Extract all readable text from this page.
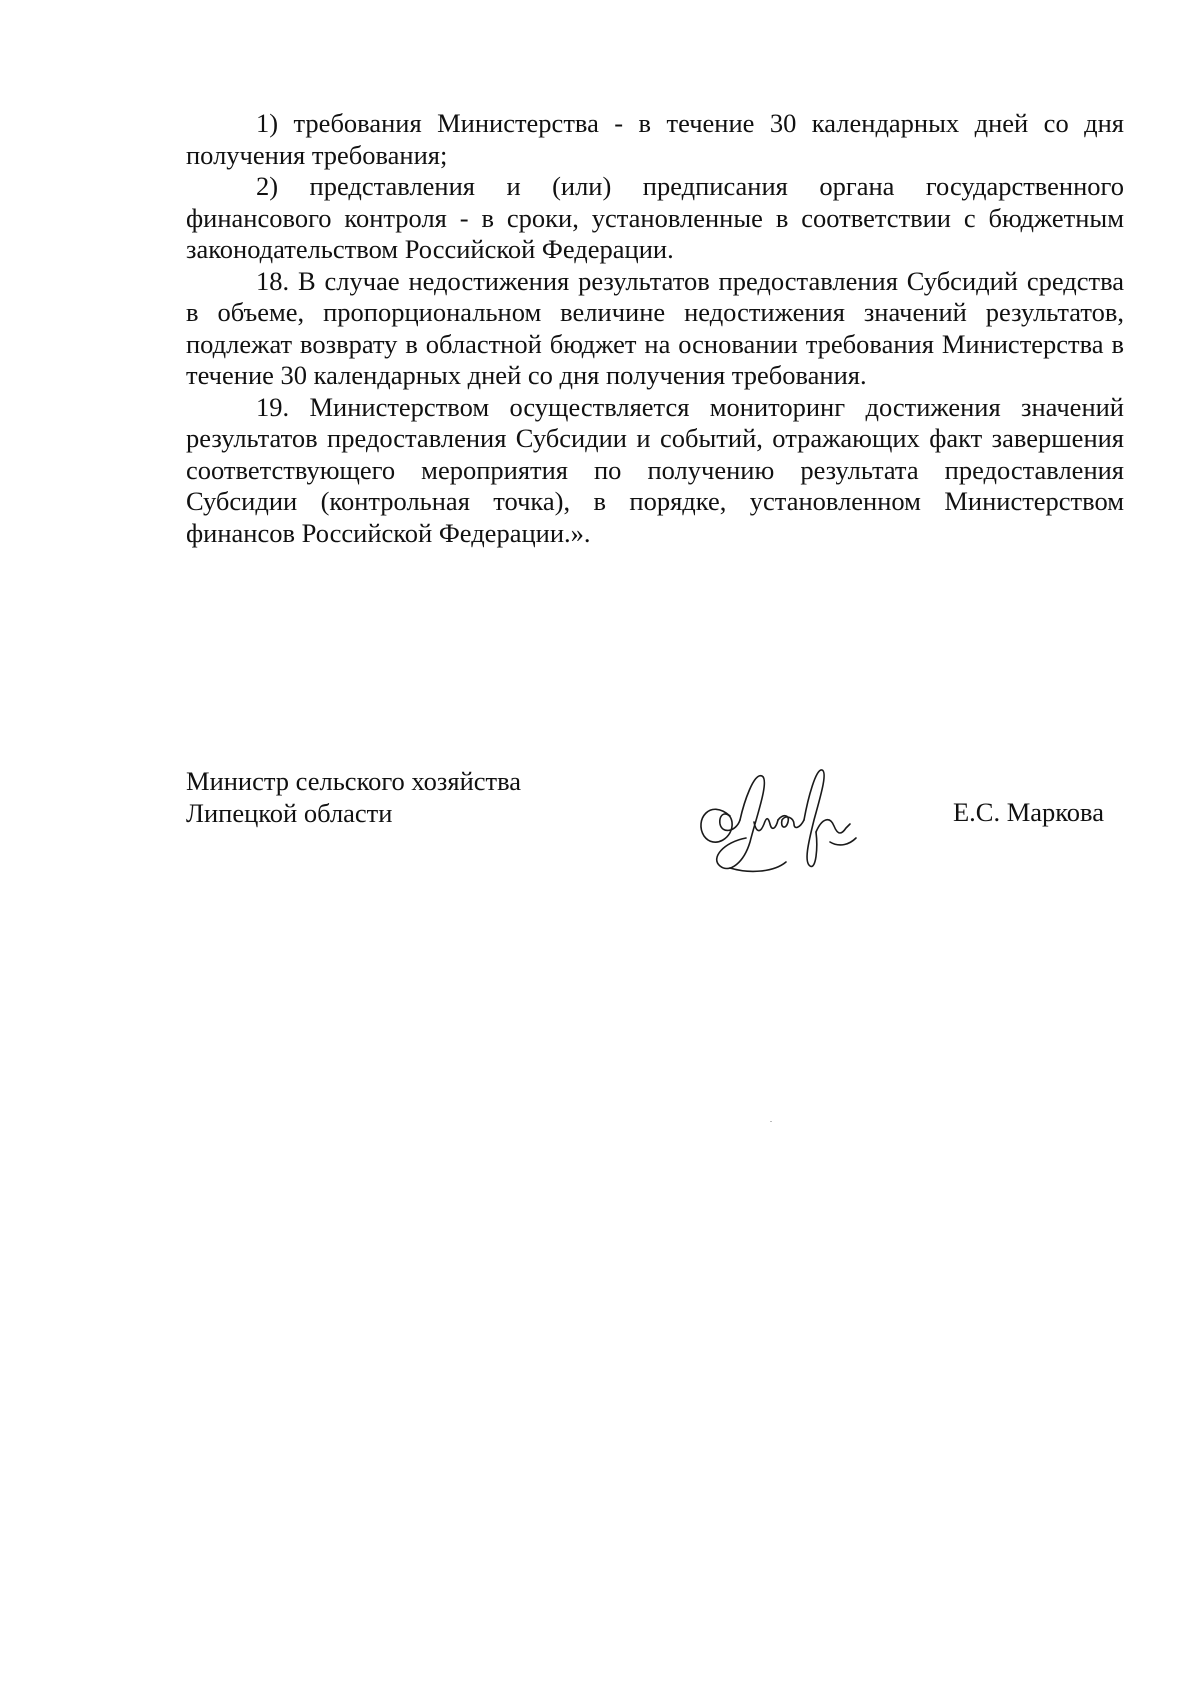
1) требования Министерства - в течение 30 календарных дней со дня получения требования;

2) представления и (или) предписания органа государственного финансового контроля - в сроки, установленные в соответствии с бюджетным законодательством Российской Федерации.

18. В случае недостижения результатов предоставления Субсидий средства в объеме, пропорциональном величине недостижения значений результатов, подлежат возврату в областной бюджет на основании требования Министерства в течение 30 календарных дней со дня получения требования.

19. Министерством осуществляется мониторинг достижения значений результатов предоставления Субсидии и событий, отражающих факт завершения соответствующего мероприятия по получению результата предоставления Субсидии (контрольная точка), в порядке, установленном Министерством финансов Российской Федерации.».

Министр сельского хозяйства
Липецкой области	Е.С. Маркова
